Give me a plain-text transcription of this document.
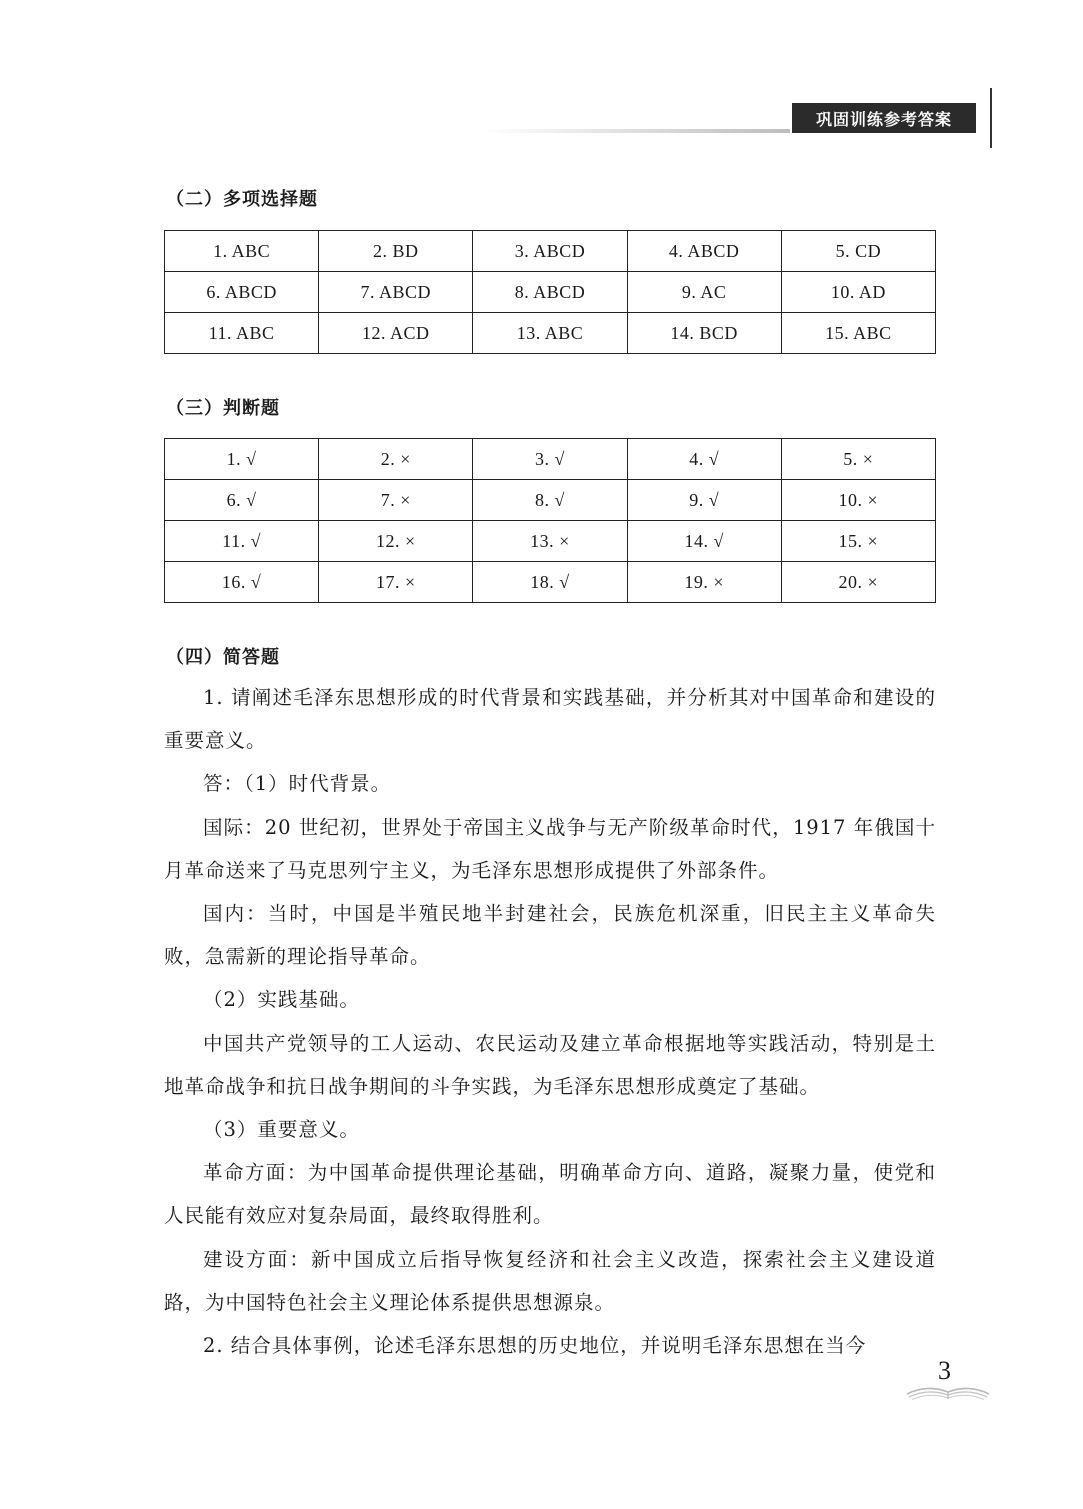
巩固训练参考答案
（二）多项选择题
1. ABC	2. BD	3. ABCD	4. ABCD	5. CD
6. ABCD	7. ABCD	8. ABCD	9. AC	10. AD
11. ABC	12. ACD	13. ABC	14. BCD	15. ABC
（三）判断题
1. √	2. ×	3. √	4. √	5. ×
6. √	7. ×	8. √	9. √	10. ×
11. √	12. ×	13. ×	14. √	15. ×
16. √	17. ×	18. √	19. ×	20. ×
（四）简答题

1. 请阐述毛泽东思想形成的时代背景和实践基础，并分析其对中国革命和建设的重要意义。

答：（1）时代背景。

国际：20 世纪初，世界处于帝国主义战争与无产阶级革命时代，1917 年俄国十月革命送来了马克思列宁主义，为毛泽东思想形成提供了外部条件。

国内：当时，中国是半殖民地半封建社会，民族危机深重，旧民主主义革命失败，急需新的理论指导革命。

（2）实践基础。

中国共产党领导的工人运动、农民运动及建立革命根据地等实践活动，特别是土地革命战争和抗日战争期间的斗争实践，为毛泽东思想形成奠定了基础。

（3）重要意义。

革命方面：为中国革命提供理论基础，明确革命方向、道路，凝聚力量，使党和人民能有效应对复杂局面，最终取得胜利。

建设方面：新中国成立后指导恢复经济和社会主义改造，探索社会主义建设道路，为中国特色社会主义理论体系提供思想源泉。

2. 结合具体事例，论述毛泽东思想的历史地位，并说明毛泽东思想在当今

3
